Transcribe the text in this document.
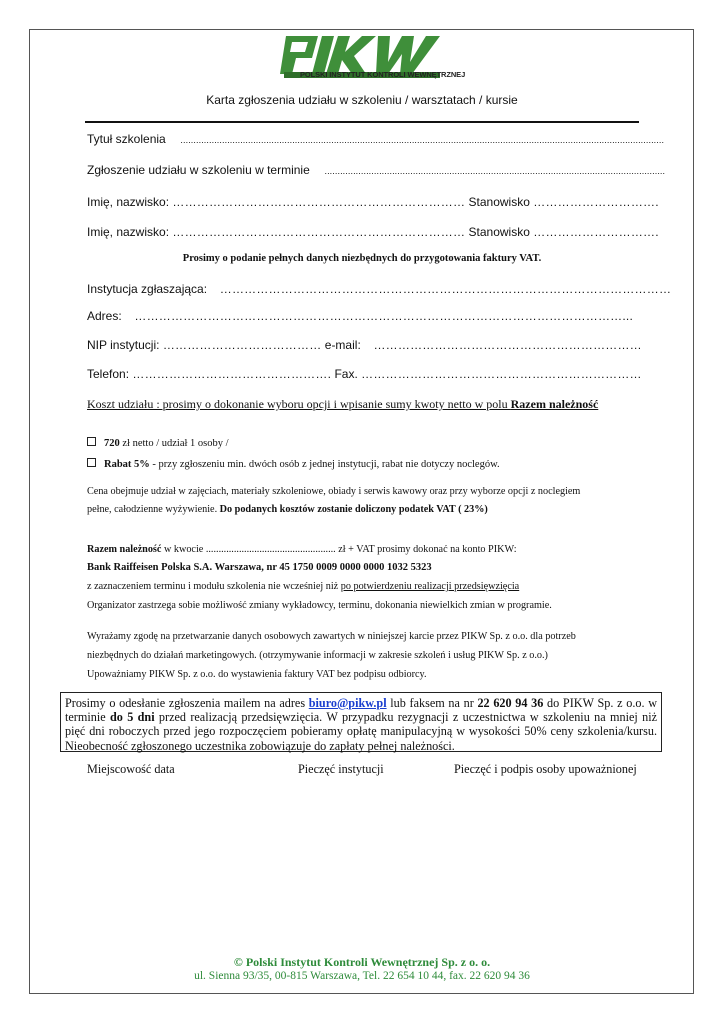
POLSKI INSTYTUT KONTROLI WEWNĘTRZNEJ
Karta zgłoszenia udziału w szkoleniu / warsztatach / kursie
Tytuł szkolenia ..........................................................................................................................................................................................
Zgłoszenie udziału w szkoleniu w terminie ...................................................................................................................................
Imię, nazwisko: ……………………………………………………………… Stanowisko ………………………….
Imię, nazwisko: ……………………………………………………………… Stanowisko ………………………….
Prosimy o podanie pełnych danych niezbędnych do przygotowania faktury VAT.
Instytucja zgłaszająca: …………………………………………………………………………………………………
Adres: …………………………………………………………………………………………………………...
NIP instytucji: ………………………………… e-mail: …………………………………………………………
Telefon: …………………………………………. Fax. ……………………………………………………………
Koszt udziału : prosimy o dokonanie wyboru opcji i wpisanie sumy kwoty netto w polu Razem należność
720 zł netto / udział 1 osoby /
Rabat 5% - przy zgłoszeniu min. dwóch osób z jednej instytucji, rabat nie dotyczy noclegów.
Cena obejmuje udział w zajęciach, materiały szkoleniowe, obiady i serwis kawowy oraz przy wyborze opcji z noclegiem
pełne, całodzienne wyżywienie. Do podanych kosztów zostanie doliczony podatek VAT ( 23%)
Razem należność w kwocie ................................................... zł + VAT prosimy dokonać na konto PIKW:
Bank Raiffeisen Polska S.A. Warszawa, nr 45 1750 0009 0000 0000 1032 5323
z zaznaczeniem terminu i modułu szkolenia nie wcześniej niż po potwierdzeniu realizacji przedsięwzięcia
Organizator zastrzega sobie możliwość zmiany wykładowcy, terminu, dokonania niewielkich zmian w programie.
Wyrażamy zgodę na przetwarzanie danych osobowych zawartych w niniejszej karcie przez PIKW Sp. z o.o. dla potrzeb
niezbędnych do działań marketingowych. (otrzymywanie informacji w zakresie szkoleń i usług PIKW Sp. z o.o.)
Upoważniamy PIKW Sp. z o.o. do wystawienia faktury VAT bez podpisu odbiorcy.
Prosimy o odesłanie zgłoszenia mailem na adres biuro@pikw.pl lub faksem na nr 22 620 94 36 do PIKW Sp. z o.o. w terminie do 5 dni przed realizacją przedsięwzięcia. W przypadku rezygnacji z uczestnictwa w szkoleniu na mniej niż pięć dni roboczych przed jego rozpoczęciem pobieramy opłatę manipulacyjną w wysokości 50% ceny szkolenia/kursu. Nieobecność zgłoszonego uczestnika zobowiązuje do zapłaty pełnej należności.
Miejscowość data	Pieczęć instytucji	Pieczęć i podpis osoby upoważnionej
© Polski Instytut Kontroli Wewnętrznej Sp. z o. o.
ul. Sienna 93/35, 00-815 Warszawa, Tel. 22 654 10 44, fax. 22 620 94 36
